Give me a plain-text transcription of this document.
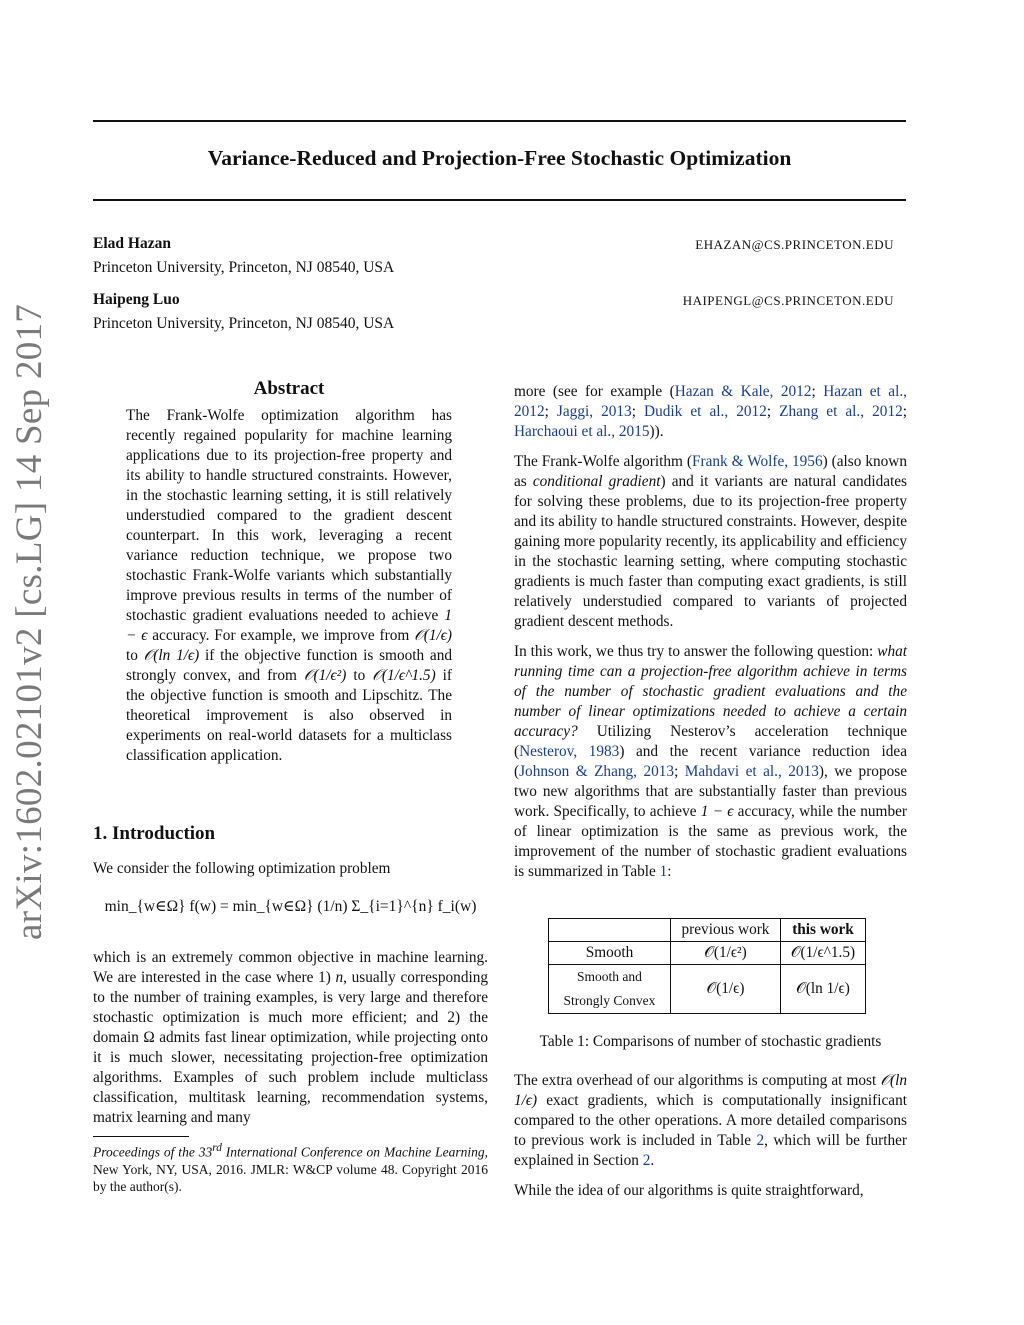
Variance-Reduced and Projection-Free Stochastic Optimization
Elad Hazan	EHAZAN@CS.PRINCETON.EDU
Princeton University, Princeton, NJ 08540, USA
Haipeng Luo	HAIPENGL@CS.PRINCETON.EDU
Princeton University, Princeton, NJ 08540, USA
arXiv:1602.02101v2 [cs.LG] 14 Sep 2017	Abstract

The Frank-Wolfe optimization algorithm has recently regained popularity for machine learning applications due to its projection-free property and its ability to handle structured constraints. However, in the stochastic learning setting, it is still relatively understudied compared to the gradient descent counterpart. In this work, leveraging a recent variance reduction technique, we propose two stochastic Frank-Wolfe variants which substantially improve previous results in terms of the number of stochastic gradient evaluations needed to achieve 1 − ϵ accuracy. For example, we improve from 𝒪(1/ϵ) to 𝒪(ln 1/ϵ) if the objective function is smooth and strongly convex, and from 𝒪(1/ϵ²) to 𝒪(1/ϵ^1.5) if the objective function is smooth and Lipschitz. The theoretical improvement is also observed in experiments on real-world datasets for a multiclass classification application.

1. Introduction

We consider the following optimization problem

min_{w∈Ω} f(w) = min_{w∈Ω} (1/n) Σ_{i=1}^{n} f_i(w)

which is an extremely common objective in machine learning. We are interested in the case where 1) n, usually corresponding to the number of training examples, is very large and therefore stochastic optimization is much more efficient; and 2) the domain Ω admits fast linear optimization, while projecting onto it is much slower, necessitating projection-free optimization algorithms. Examples of such problem include multiclass classification, multitask learning, recommendation systems, matrix learning and many

Proceedings of the 33rd International Conference on Machine Learning, New York, NY, USA, 2016. JMLR: W&CP volume 48. Copyright 2016 by the author(s).

more (see for example (Hazan & Kale, 2012; Hazan et al., 2012; Jaggi, 2013; Dudik et al., 2012; Zhang et al., 2012; Harchaoui et al., 2015)).

The Frank-Wolfe algorithm (Frank & Wolfe, 1956) (also known as conditional gradient) and it variants are natural candidates for solving these problems, due to its projection-free property and its ability to handle structured constraints. However, despite gaining more popularity recently, its applicability and efficiency in the stochastic learning setting, where computing stochastic gradients is much faster than computing exact gradients, is still relatively understudied compared to variants of projected gradient descent methods.

In this work, we thus try to answer the following question: what running time can a projection-free algorithm achieve in terms of the number of stochastic gradient evaluations and the number of linear optimizations needed to achieve a certain accuracy? Utilizing Nesterov’s acceleration technique (Nesterov, 1983) and the recent variance reduction idea (Johnson & Zhang, 2013; Mahdavi et al., 2013), we propose two new algorithms that are substantially faster than previous work. Specifically, to achieve 1 − ϵ accuracy, while the number of linear optimization is the same as previous work, the improvement of the number of stochastic gradient evaluations is summarized in Table 1:

	previous work	this work
Smooth	𝒪(1/ϵ²)	𝒪(1/ϵ^1.5)
Smooth and
Strongly Convex	𝒪(1/ϵ)	𝒪(ln 1/ϵ)
Table 1: Comparisons of number of stochastic gradients

The extra overhead of our algorithms is computing at most 𝒪(ln 1/ϵ) exact gradients, which is computationally insignificant compared to the other operations. A more detailed comparisons to previous work is included in Table 2, which will be further explained in Section 2.

While the idea of our algorithms is quite straightforward,
